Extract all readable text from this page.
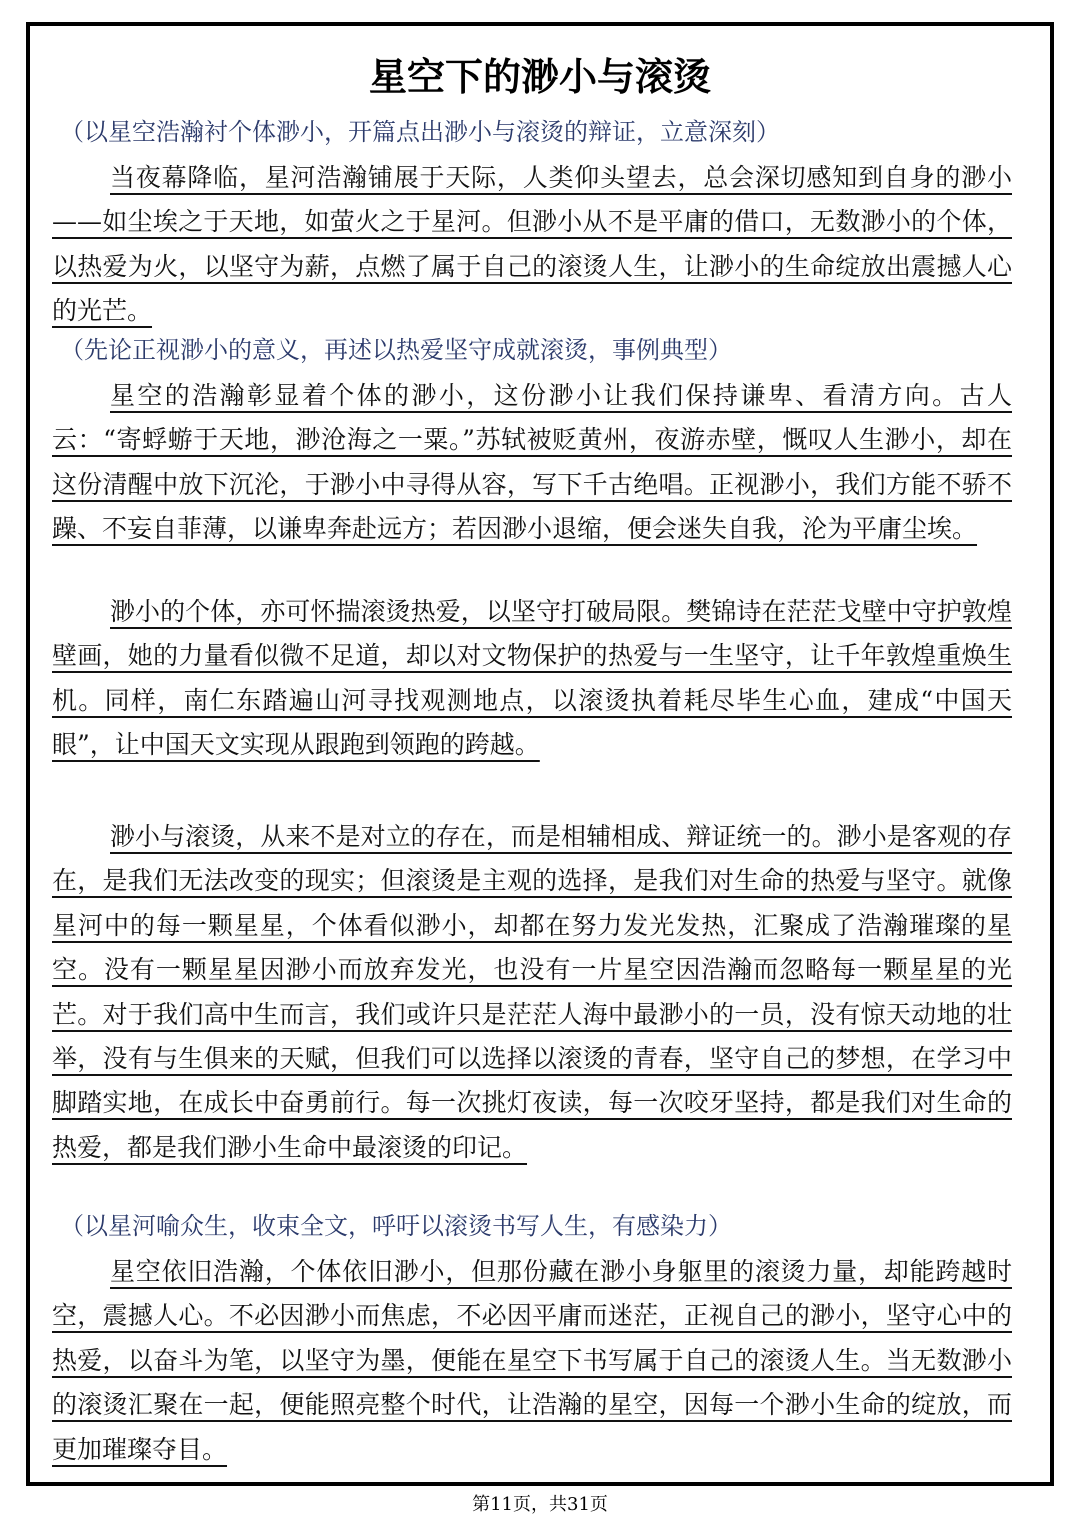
星空下的渺小与滚烫

（以星空浩瀚衬个体渺小，开篇点出渺小与滚烫的辩证，立意深刻）

当夜幕降临，星河浩瀚铺展于天际，人类仰头望去，总会深切感知到自身的渺小——如尘埃之于天地，如萤火之于星河。但渺小从不是平庸的借口，无数渺小的个体，以热爱为火，以坚守为薪，点燃了属于自己的滚烫人生，让渺小的生命绽放出震撼人心的光芒。

（先论正视渺小的意义，再述以热爱坚守成就滚烫，事例典型）

星空的浩瀚彰显着个体的渺小，这份渺小让我们保持谦卑、看清方向。古人云：“寄蜉蝣于天地，渺沧海之一粟。”苏轼被贬黄州，夜游赤壁，慨叹人生渺小，却在这份清醒中放下沉沦，于渺小中寻得从容，写下千古绝唱。正视渺小，我们方能不骄不躁、不妄自菲薄，以谦卑奔赴远方；若因渺小退缩，便会迷失自我，沦为平庸尘埃。

渺小的个体，亦可怀揣滚烫热爱，以坚守打破局限。樊锦诗在茫茫戈壁中守护敦煌壁画，她的力量看似微不足道，却以对文物保护的热爱与一生坚守，让千年敦煌重焕生机。同样，南仁东踏遍山河寻找观测地点，以滚烫执着耗尽毕生心血，建成“中国天眼”，让中国天文实现从跟跑到领跑的跨越。

渺小与滚烫，从来不是对立的存在，而是相辅相成、辩证统一的。渺小是客观的存在，是我们无法改变的现实；但滚烫是主观的选择，是我们对生命的热爱与坚守。就像星河中的每一颗星星，个体看似渺小，却都在努力发光发热，汇聚成了浩瀚璀璨的星空。没有一颗星星因渺小而放弃发光，也没有一片星空因浩瀚而忽略每一颗星星的光芒。对于我们高中生而言，我们或许只是茫茫人海中最渺小的一员，没有惊天动地的壮举，没有与生俱来的天赋，但我们可以选择以滚烫的青春，坚守自己的梦想，在学习中脚踏实地，在成长中奋勇前行。每一次挑灯夜读，每一次咬牙坚持，都是我们对生命的热爱，都是我们渺小生命中最滚烫的印记。

（以星河喻众生，收束全文，呼吁以滚烫书写人生，有感染力）

星空依旧浩瀚，个体依旧渺小，但那份藏在渺小身躯里的滚烫力量，却能跨越时空，震撼人心。不必因渺小而焦虑，不必因平庸而迷茫，正视自己的渺小，坚守心中的热爱，以奋斗为笔，以坚守为墨，便能在星空下书写属于自己的滚烫人生。当无数渺小的滚烫汇聚在一起，便能照亮整个时代，让浩瀚的星空，因每一个渺小生命的绽放，而更加璀璨夺目。

第11页，共31页
